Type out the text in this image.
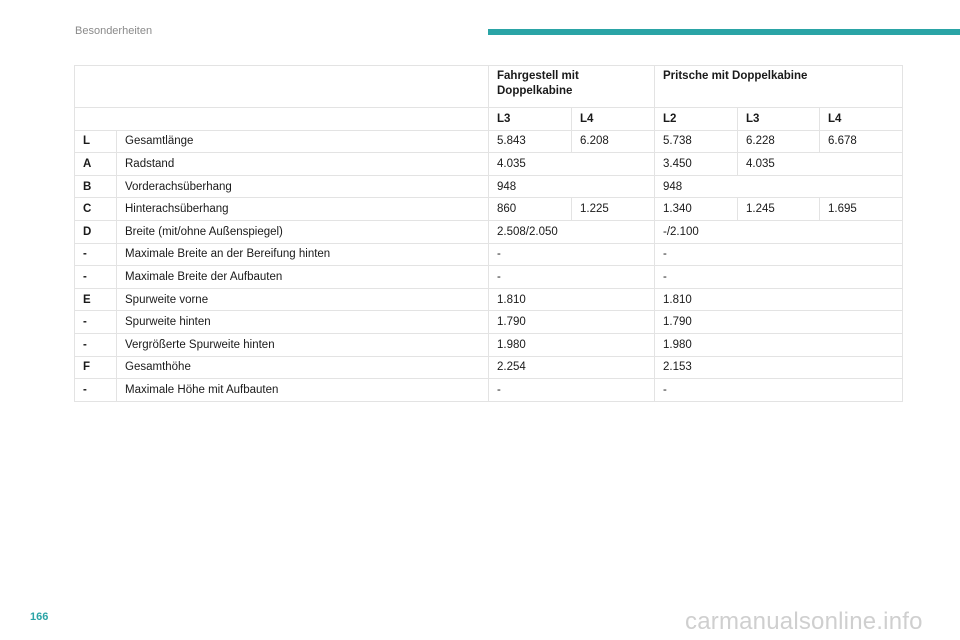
Besonderheiten
		Fahrgestell mit Doppelkabine		Pritsche mit Doppelkabine		
		L3	L4	L2	L3	L4
L	Gesamtlänge	5.843	6.208	5.738	6.228	6.678
A	Radstand	4.035		3.450	4.035	
B	Vorderachsüberhang	948		948		
C	Hinterachsüberhang	860	1.225	1.340	1.245	1.695
D	Breite (mit/ohne Außenspiegel)	2.508/2.050		-/2.100		
-	Maximale Breite an der Bereifung hinten	-		-		
-	Maximale Breite der Aufbauten	-		-		
E	Spurweite vorne	1.810		1.810		
-	Spurweite hinten	1.790		1.790		
-	Vergrößerte Spurweite hinten	1.980		1.980		
F	Gesamthöhe	2.254		2.153		
-	Maximale Höhe mit Aufbauten	-		-		
166	carmanualsonline.info
